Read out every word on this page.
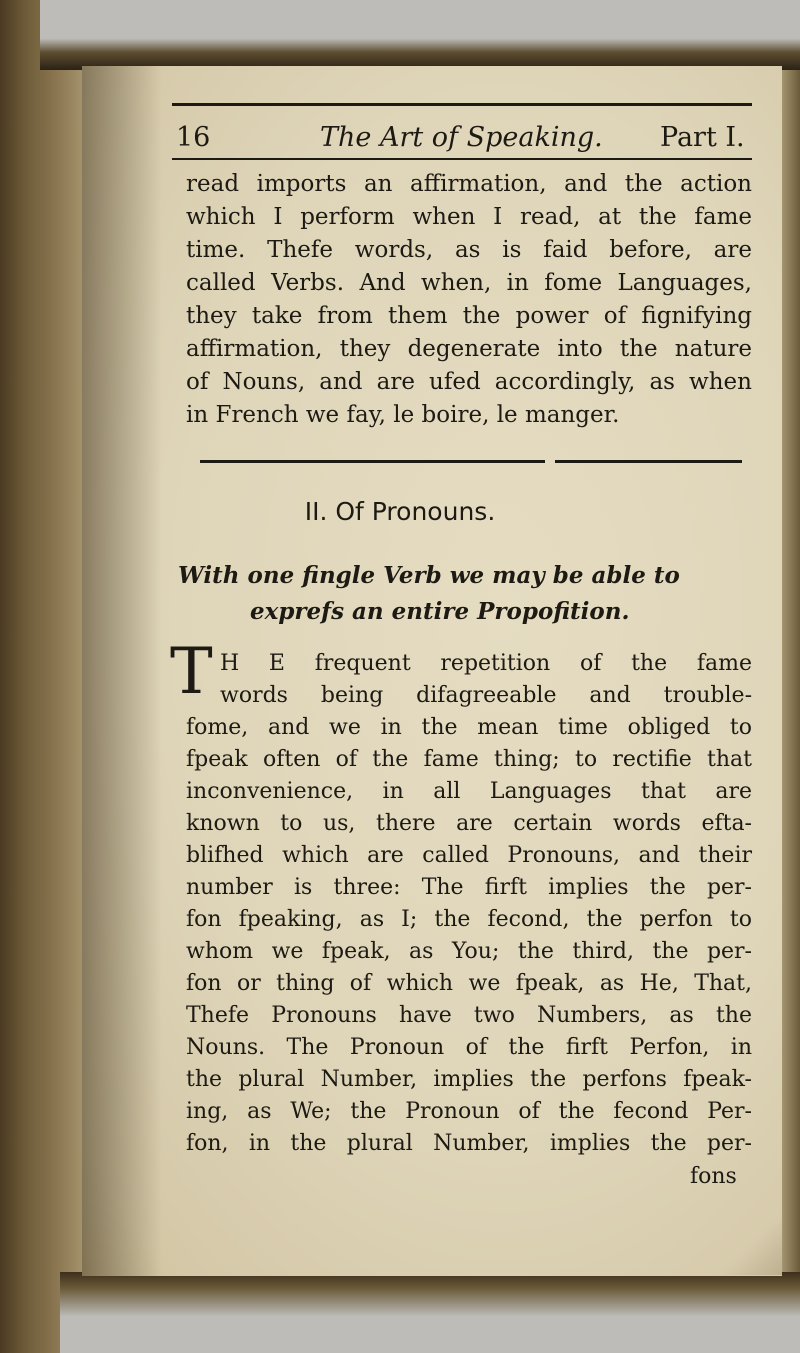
16	The Art of Speaking. Part I.
read imports an affirmation, and the action
which I perform when I read, at the fame
time. Thefe words, as is faid before, are
called Verbs. And when, in fome Languages,
they take from them the power of fignifying
affirmation, they degenerate into the nature
of Nouns, and are ufed accordingly, as when
in French we fay, le boire, le manger.
II. Of Pronouns.
With one fingle Verb we may be able to
exprefs an entire Propofition.
T H E frequent repetition of the fame
words being difagreeable and trouble-
fome, and we in the mean time obliged to
fpeak often of the fame thing; to rectifie that
inconvenience, in all Languages that are
known to us, there are certain words efta-
blifhed which are called Pronouns, and their
number is three: The firft implies the per-
fon fpeaking, as I; the fecond, the perfon to
whom we fpeak, as You; the third, the per-
fon or thing of which we fpeak, as He, That,
Thefe Pronouns have two Numbers, as the
Nouns. The Pronoun of the firft Perfon, in
the plural Number, implies the perfons fpeak-
ing, as We; the Pronoun of the fecond Per-
fon, in the plural Number, implies the per-
fons
